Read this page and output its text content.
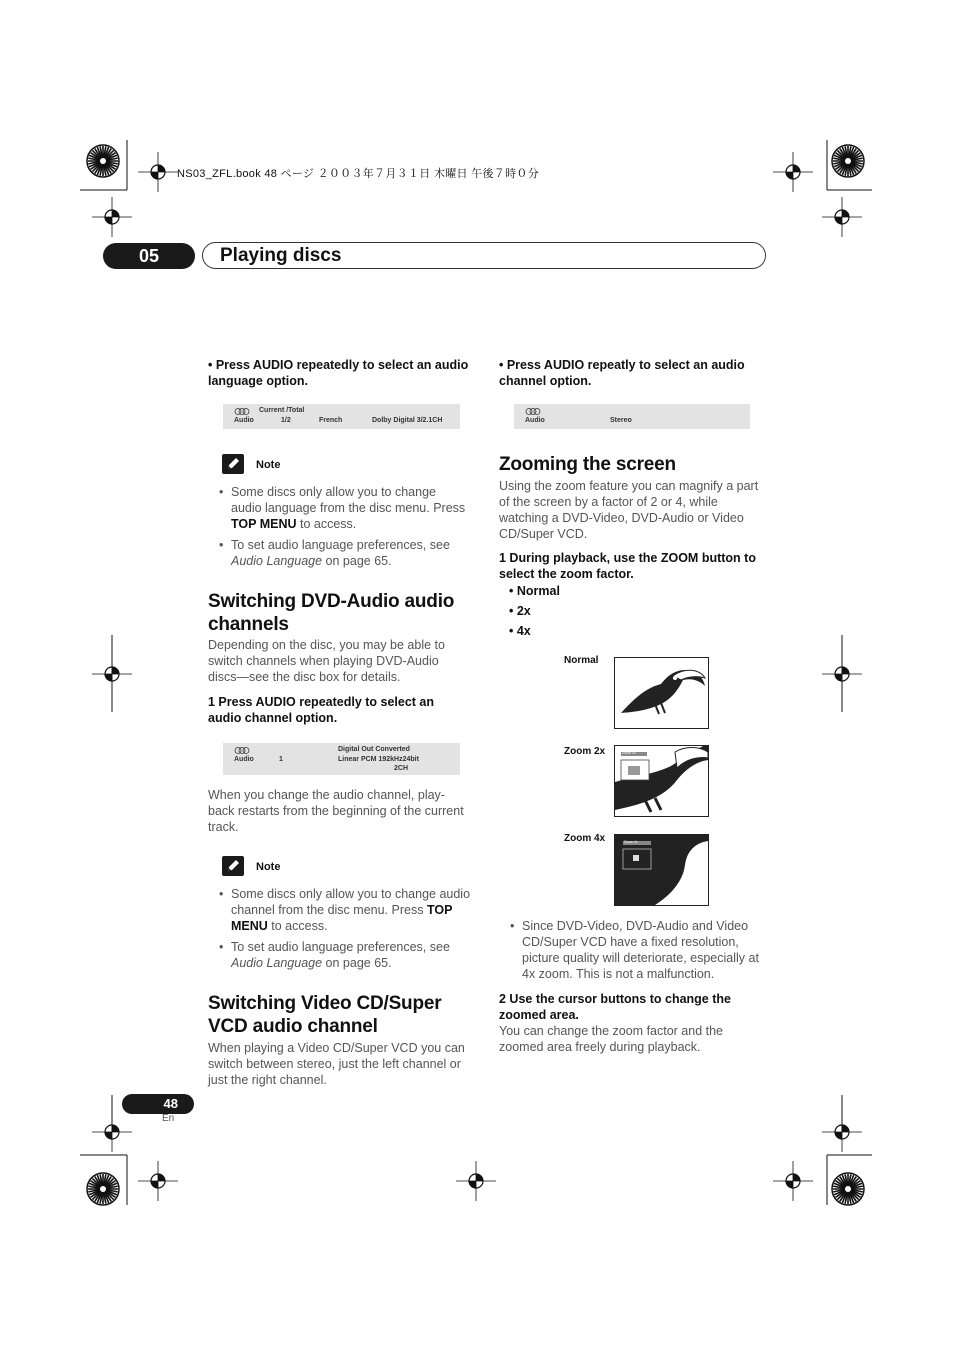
NS03_ZFL.book 48 ページ ２００３年７月３１日 木曜日 午後７時０分
05	Playing discs
• Press AUDIO repeatedly to select an audio language option.
Current /Total
Audio	1/2	French	Dolby Digital 3/2.1CH
Note
• Some discs only allow you to change audio language from the disc menu. Press TOP MENU to access.
• To set audio language preferences, see Audio Language on page 65.
Switching DVD-Audio audio channels
Depending on the disc, you may be able to switch channels when playing DVD-Audio discs—see the disc box for details.
1 Press AUDIO repeatedly to select an audio channel option.
Audio	1
Digital Out Converted
Linear PCM 192kHz24bit
2CH
When you change the audio channel, play-back restarts from the beginning of the current track.
Note
• Some discs only allow you to change audio channel from the disc menu. Press TOP MENU to access.
• To set audio language preferences, see Audio Language on page 65.
Switching Video CD/Super VCD audio channel
When playing a Video CD/Super VCD you can switch between stereo, just the left channel or just the right channel.
• Press AUDIO repeatly to select an audio channel option.
Audio	Stereo
Zooming the screen
Using the zoom feature you can magnify a part of the screen by a factor of 2 or 4, while watching a DVD-Video, DVD-Audio or Video CD/Super VCD.
1 During playback, use the ZOOM button to select the zoom factor.
• Normal
• 2x
• 4x
Normal
Zoom 2x	Zoom 2x
Zoom 4x	Zoom 4x
• Since DVD-Video, DVD-Audio and Video CD/Super VCD have a fixed resolution, picture quality will deteriorate, especially at 4x zoom. This is not a malfunction.
2 Use the cursor buttons to change the zoomed area.
You can change the zoom factor and the zoomed area freely during playback.
48
En
